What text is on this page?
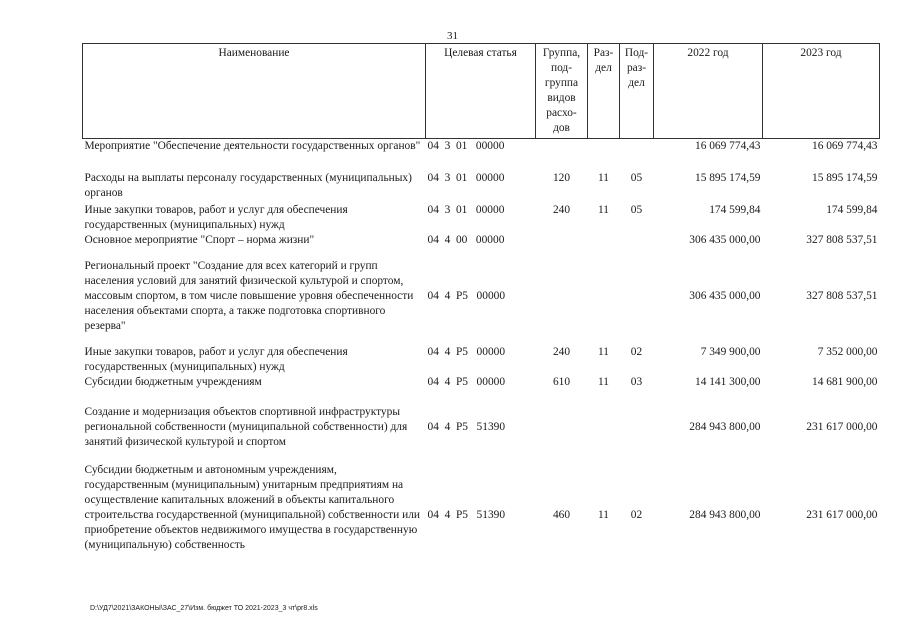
31
Наименование	Целевая статья	Группа, под-группа видов расхо-дов	Раз-дел	Под-раз-дел	2022 год	2023 год
Мероприятие "Обеспечение деятельности государственных органов"	04  3  01   00000				16 069 774,43	16 069 774,43
Расходы на выплаты персоналу государственных (муниципальных) органов	04  3  01   00000	120	11	05	15 895 174,59	15 895 174,59
Иные закупки товаров, работ и услуг для обеспечения государственных (муниципальных) нужд	04  3  01   00000	240	11	05	174 599,84	174 599,84
Основное мероприятие "Спорт – норма жизни"	04  4  00   00000				306 435 000,00	327 808 537,51
Региональный проект "Создание для всех категорий и групп населения условий для занятий физической культурой и спортом, массовым спортом, в том числе повышение уровня обеспеченности населения объектами спорта, а также подготовка спортивного резерва"	04  4  P5   00000				306 435 000,00	327 808 537,51
Иные закупки товаров, работ и услуг для обеспечения государственных (муниципальных) нужд	04  4  P5   00000	240	11	02	7 349 900,00	7 352 000,00
Субсидии бюджетным учреждениям	04  4  P5   00000	610	11	03	14 141 300,00	14 681 900,00
Создание и модернизация объектов спортивной инфраструктуры региональной собственности (муниципальной собственности) для занятий физической культурой и спортом	04  4  P5   51390				284 943 800,00	231 617 000,00
Субсидии бюджетным и автономным учреждениям, государственным (муниципальным) унитарным предприятиям на осуществление капитальных вложений в объекты капитального строительства государственной (муниципальной) собственности или приобретение объектов недвижимого имущества в государственную (муниципальную) собственность	04  4  P5   51390	460	11	02	284 943 800,00	231 617 000,00
D:\УД7\2021\ЗАКОНЫ\ЗАС_27\Изм. бюджет ТО 2021-2023_3 чт\pr8.xls
